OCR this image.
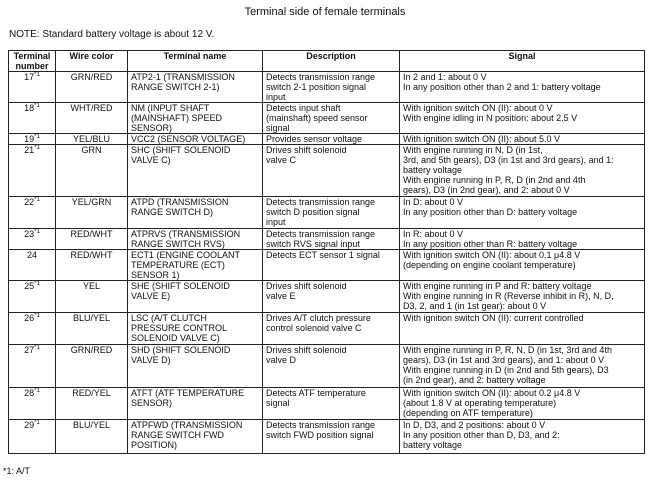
Terminal side of female terminals
NOTE: Standard battery voltage is about 12 V.
Terminal
number	Wire color	Terminal name	Description	Signal
17$^{*1}$	GRN/RED	ATP2-1 (TRANSMISSION
RANGE SWITCH 2-1)	Detects transmission range
switch 2-1 position signal
input	In 2 and 1: about 0 V
In any position other than 2 and 1: battery voltage

18$^{*1}$	WHT/RED	NM (INPUT SHAFT
(MAINSHAFT) SPEED
SENSOR)	Detects input shaft
(mainshaft) speed sensor
signal	With ignition switch ON (II): about 0 V
With engine idling in N position: about 2.5 V

19$^{*1}$	YEL/BLU	VCC2 (SENSOR VOLTAGE)	Provides sensor voltage	With ignition switch ON (II): about 5.0 V

21$^{*1}$	GRN	SHC (SHIFT SOLENOID
VALVE C)	Drives shift solenoid
valve C	With engine running in N, D (in 1st,
3rd, and 5th gears), D3 (in 1st and 3rd gears), and 1:
battery voltage
With engine running in P, R, D (in 2nd and 4th
gears), D3 (in 2nd gear), and 2: about 0 V

22$^{*1}$	YEL/GRN	ATPD (TRANSMISSION
RANGE SWITCH D)	Detects transmission range
switch D position signal
input	In D: about 0 V
In any position other than D: battery voltage

23$^{*1}$	RED/WHT	ATPRVS (TRANSMISSION
RANGE SWITCH RVS)	Detects transmission range
switch RVS signal input	In R: about 0 V
In any position other than R: battery voltage

24	RED/WHT	ECT1 (ENGINE COOLANT
TEMPERATURE (ECT)
SENSOR 1)	Detects ECT sensor 1 signal	With ignition switch ON (II): about 0.1 μ4.8 V
(depending on engine coolant temperature)

25$^{*1}$	YEL	SHE (SHIFT SOLENOID
VALVE E)	Drives shift solenoid
valve E	With engine running in P and R: battery voltage
With engine running in R (Reverse inhibit in R), N, D,
D3, 2, and 1 (in 1st gear): about 0 V

26$^{*1}$	BLU/YEL	LSC (A/T CLUTCH
PRESSURE CONTROL
SOLENOID VALVE C)	Drives A/T clutch pressure
control solenoid valve C	With ignition switch ON (II): current controlled

27$^{*1}$	GRN/RED	SHD (SHIFT SOLENOID
VALVE D)	Drives shift solenoid
valve D	With engine running in P, R, N, D (in 1st, 3rd and 4th
gears), D3 (in 1st and 3rd gears), and 1: about 0 V
With engine running in D (in 2nd and 5th gears), D3
(in 2nd gear), and 2: battery voltage

28$^{*1}$	RED/YEL	ATFT (ATF TEMPERATURE
SENSOR)	Detects ATF temperature
signal	With ignition switch ON (II): about 0.2 μ4.8 V
(about 1.8 V at operating temperature)
(depending on ATF temperature)

29$^{*1}$	BLU/YEL	ATPFWD (TRANSMISSION
RANGE SWITCH FWD
POSITION)	Detects transmission range
switch FWD position signal	In D, D3, and 2 positions: about 0 V
In any position other than D, D3, and 2:
battery voltage
*1: A/T
